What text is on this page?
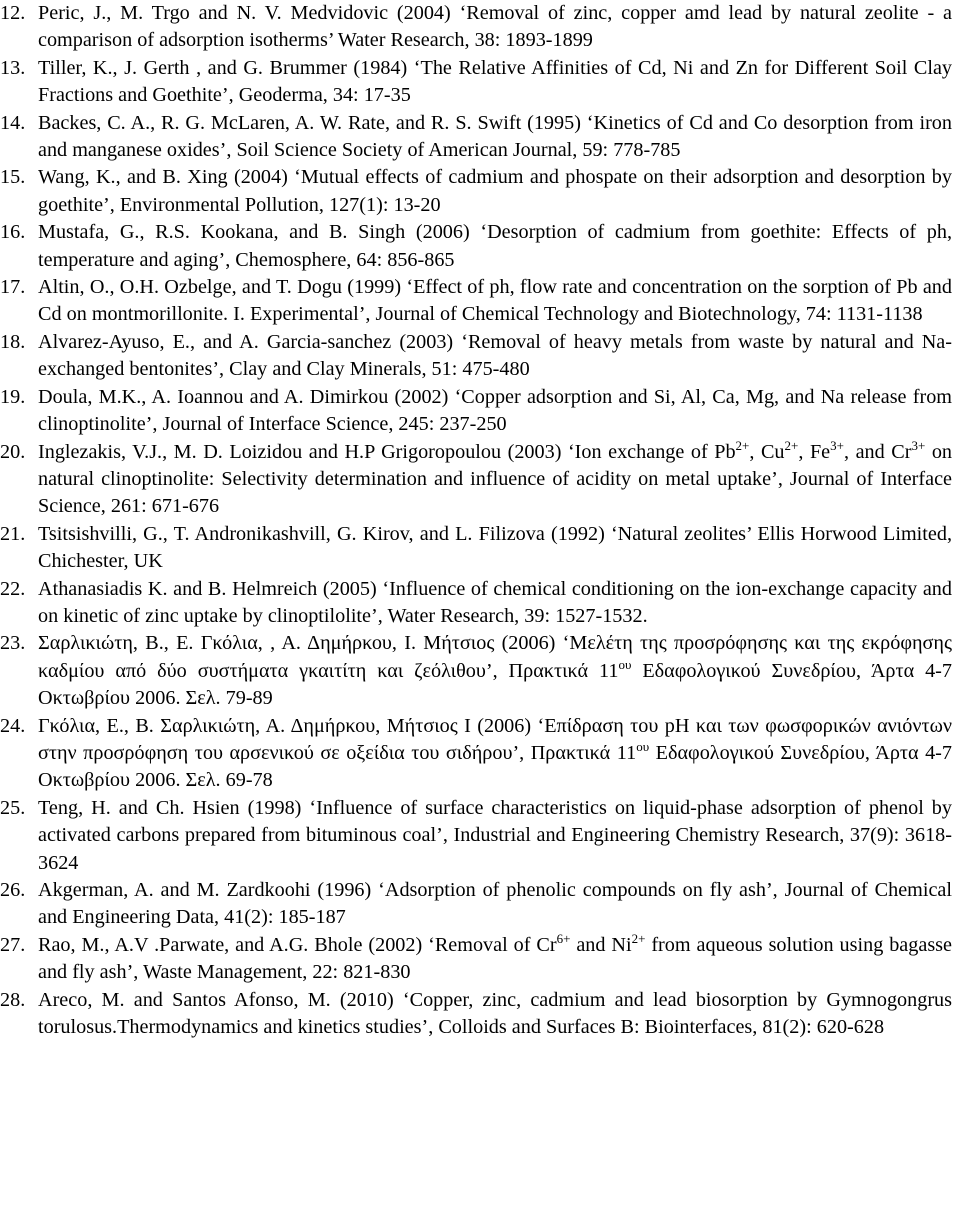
12. Peric, J., M. Trgo and N. V. Medvidovic (2004) ‘Removal of zinc, copper amd lead by natural zeolite - a comparison of adsorption isotherms’ Water Research, 38: 1893-1899
13. Tiller, K., J. Gerth , and G. Brummer (1984) ‘The Relative Affinities of Cd, Ni and Zn for Different Soil Clay Fractions and Goethite’, Geoderma, 34: 17-35
14. Backes, C. A., R. G. McLaren, A. W. Rate, and R. S. Swift (1995) ‘Kinetics of Cd and Co desorption from iron and manganese oxides’, Soil Science Society of American Journal, 59: 778-785
15. Wang, K., and B. Xing (2004) ‘Mutual effects of cadmium and phospate on their adsorption and desorption by goethite’, Environmental Pollution, 127(1): 13-20
16. Mustafa, G., R.S. Kookana, and B. Singh (2006) ‘Desorption of cadmium from goethite: Effects of ph, temperature and aging’, Chemosphere, 64: 856-865
17. Altin, O., O.H. Ozbelge, and T. Dogu (1999) ‘Effect of ph, flow rate and concentration on the sorption of Pb and Cd on montmorillonite. I. Experimental’, Journal of Chemical Technology and Biotechnology, 74: 1131-1138
18. Alvarez-Ayuso, E., and A. Garcia-sanchez (2003) ‘Removal of heavy metals from waste by natural and Na-exchanged bentonites’, Clay and Clay Minerals, 51: 475-480
19. Doula, M.K., A. Ioannou and A. Dimirkou (2002) ‘Copper adsorption and Si, Al, Ca, Mg, and Na release from clinoptinolite’, Journal of Interface Science, 245: 237-250
20. Inglezakis, V.J., M. D. Loizidou and H.P Grigoropoulou (2003) ‘Ion exchange of $Pb^{2+}$, $Cu^{2+}$, $Fe^{3+}$, and $Cr^{3+}$ on natural clinoptinolite: Selectivity determination and influence of acidity on metal uptake’, Journal of Interface Science, 261: 671-676
21. Tsitsishvilli, G., T. Andronikashvill, G. Kirov, and L. Filizova (1992) ‘Natural zeolites’ Ellis Horwood Limited, Chichester, UK
22. Athanasiadis K. and B. Helmreich (2005) ‘Influence of chemical conditioning on the ion-exchange capacity and on kinetic of zinc uptake by clinoptilolite’, Water Research, 39: 1527-1532.
23. Σαρλικιώτη, Β., Ε. Γκόλια, , Α. Δημήρκου, Ι. Μήτσιος (2006) ‘Μελέτη της προσρόφησης και της εκρόφησης καδμίου από δύο συστήματα γκαιτίτη και ζεόλιθου’, Πρακτικά $11^{o\upsilon}$ Εδαφολογικού Συνεδρίου, Άρτα 4-7 Οκτωβρίου 2006. Σελ. 79-89
24. Γκόλια, Ε., Β. Σαρλικιώτη, Α. Δημήρκου, Μήτσιος Ι (2006) ‘Επίδραση του pH και των φωσφορικών ανιόντων στην προσρόφηση του αρσενικού σε οξείδια του σιδήρου’, Πρακτικά $11^{o\upsilon}$ Εδαφολογικού Συνεδρίου, Άρτα 4-7 Οκτωβρίου 2006. Σελ. 69-78
25. Teng, H. and Ch. Hsien (1998) ‘Influence of surface characteristics on liquid-phase adsorption of phenol by activated carbons prepared from bituminous coal’, Industrial and Engineering Chemistry Research, 37(9): 3618-3624
26. Akgerman, A. and M. Zardkoohi (1996) ‘Adsorption of phenolic compounds on fly ash’, Journal of Chemical and Engineering Data, 41(2): 185-187
27. Rao, M., A.V .Parwate, and A.G. Bhole (2002) ‘Removal of $Cr^{6+}$ and $Ni^{2+}$ from aqueous solution using bagasse and fly ash’, Waste Management, 22: 821-830
28. Areco, M. and Santos Afonso, M. (2010) ‘Copper, zinc, cadmium and lead biosorption by Gymnogongrus torulosus.Thermodynamics and kinetics studies’, Colloids and Surfaces B: Biointerfaces, 81(2): 620-628
